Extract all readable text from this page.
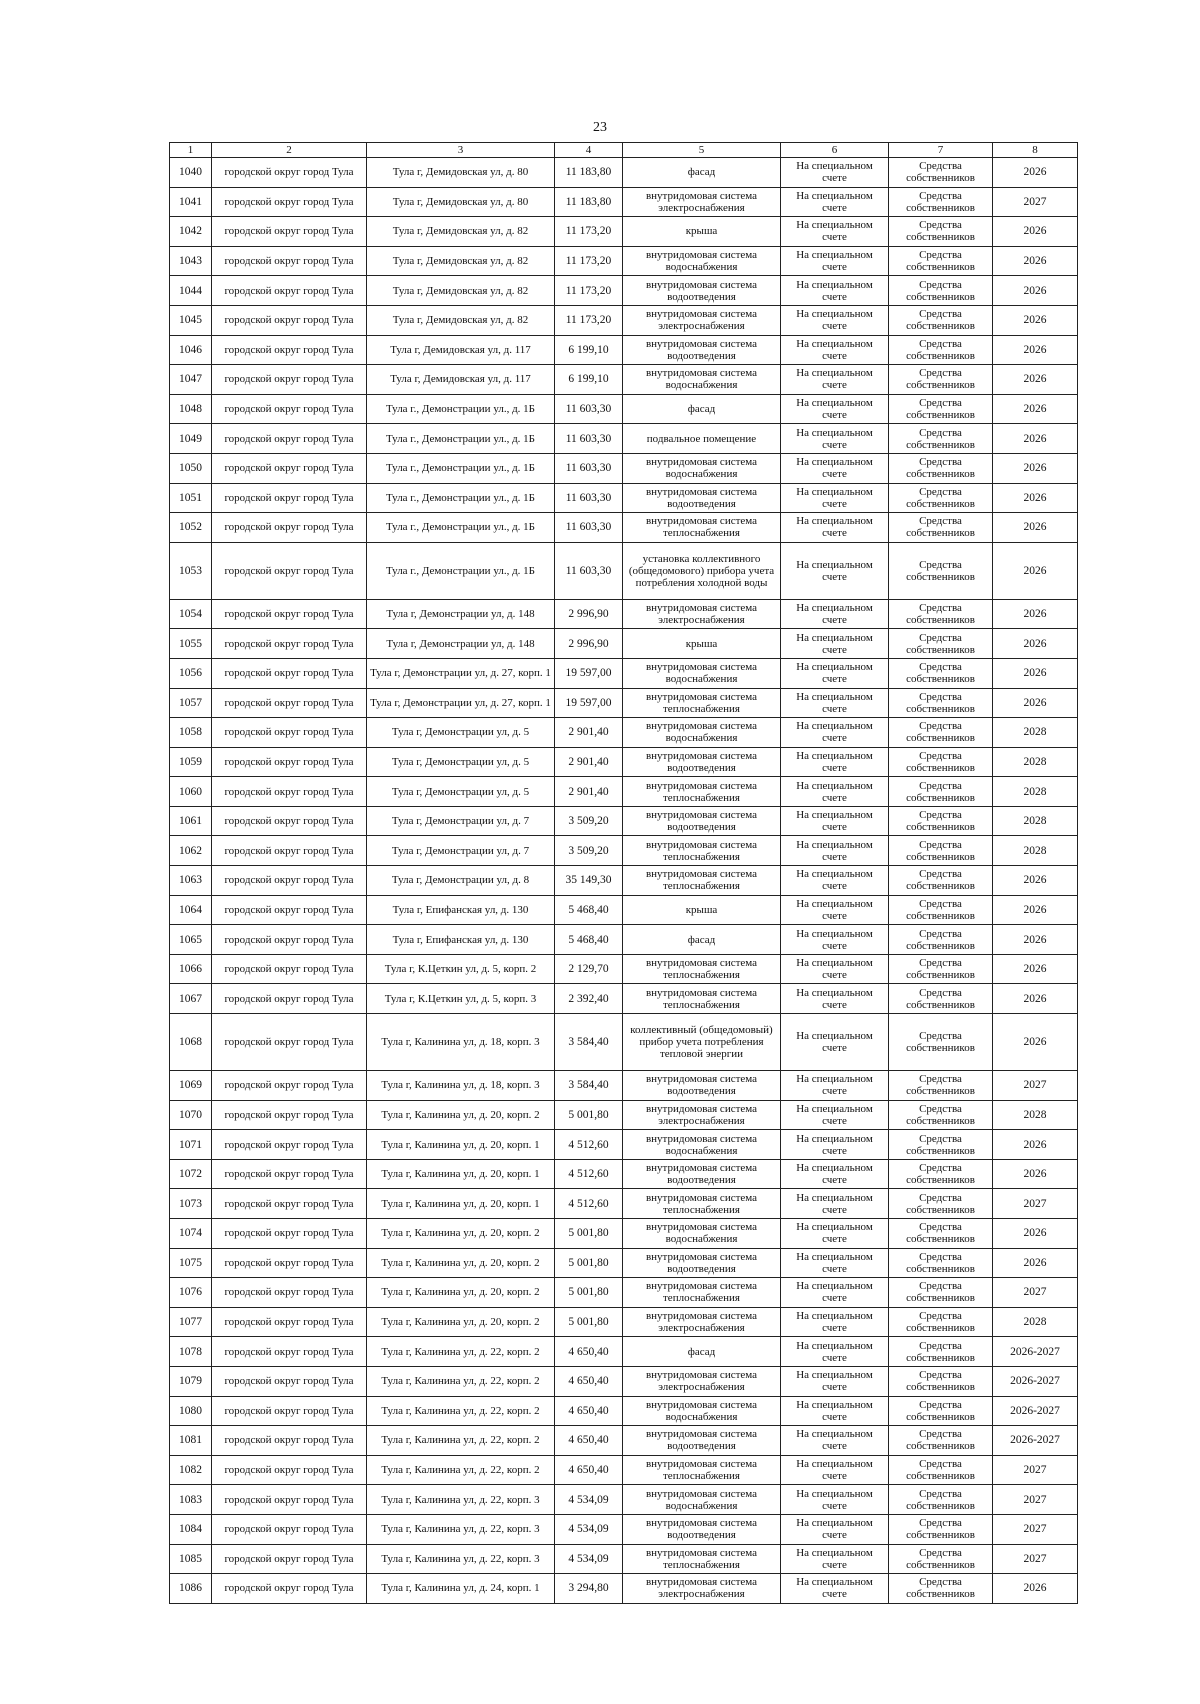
23
1	2	3	4	5	6	7	8
1040	городской округ город Тула	Тула г, Демидовская ул, д. 80	11 183,80	фасад	На специальном счете	Средства собственников	2026
1041	городской округ город Тула	Тула г, Демидовская ул, д. 80	11 183,80	внутридомовая система электроснабжения	На специальном счете	Средства собственников	2027
1042	городской округ город Тула	Тула г, Демидовская ул, д. 82	11 173,20	крыша	На специальном счете	Средства собственников	2026
1043	городской округ город Тула	Тула г, Демидовская ул, д. 82	11 173,20	внутридомовая система водоснабжения	На специальном счете	Средства собственников	2026
1044	городской округ город Тула	Тула г, Демидовская ул, д. 82	11 173,20	внутридомовая система водоотведения	На специальном счете	Средства собственников	2026
1045	городской округ город Тула	Тула г, Демидовская ул, д. 82	11 173,20	внутридомовая система электроснабжения	На специальном счете	Средства собственников	2026
1046	городской округ город Тула	Тула г, Демидовская ул, д. 117	6 199,10	внутридомовая система водоотведения	На специальном счете	Средства собственников	2026
1047	городской округ город Тула	Тула г, Демидовская ул, д. 117	6 199,10	внутридомовая система водоснабжения	На специальном счете	Средства собственников	2026
1048	городской округ город Тула	Тула г., Демонстрации ул., д. 1Б	11 603,30	фасад	На специальном счете	Средства собственников	2026
1049	городской округ город Тула	Тула г., Демонстрации ул., д. 1Б	11 603,30	подвальное помещение	На специальном счете	Средства собственников	2026
1050	городской округ город Тула	Тула г., Демонстрации ул., д. 1Б	11 603,30	внутридомовая система водоснабжения	На специальном счете	Средства собственников	2026
1051	городской округ город Тула	Тула г., Демонстрации ул., д. 1Б	11 603,30	внутридомовая система водоотведения	На специальном счете	Средства собственников	2026
1052	городской округ город Тула	Тула г., Демонстрации ул., д. 1Б	11 603,30	внутридомовая система теплоснабжения	На специальном счете	Средства собственников	2026
1053	городской округ город Тула	Тула г., Демонстрации ул., д. 1Б	11 603,30	установка коллективного (общедомового) прибора учета потребления холодной воды	На специальном счете	Средства собственников	2026
1054	городской округ город Тула	Тула г, Демонстрации ул, д. 148	2 996,90	внутридомовая система электроснабжения	На специальном счете	Средства собственников	2026
1055	городской округ город Тула	Тула г, Демонстрации ул, д. 148	2 996,90	крыша	На специальном счете	Средства собственников	2026
1056	городской округ город Тула	Тула г, Демонстрации ул, д. 27, корп. 1	19 597,00	внутридомовая система водоснабжения	На специальном счете	Средства собственников	2026
1057	городской округ город Тула	Тула г, Демонстрации ул, д. 27, корп. 1	19 597,00	внутридомовая система теплоснабжения	На специальном счете	Средства собственников	2026
1058	городской округ город Тула	Тула г, Демонстрации ул, д. 5	2 901,40	внутридомовая система водоснабжения	На специальном счете	Средства собственников	2028
1059	городской округ город Тула	Тула г, Демонстрации ул, д. 5	2 901,40	внутридомовая система водоотведения	На специальном счете	Средства собственников	2028
1060	городской округ город Тула	Тула г, Демонстрации ул, д. 5	2 901,40	внутридомовая система теплоснабжения	На специальном счете	Средства собственников	2028
1061	городской округ город Тула	Тула г, Демонстрации ул, д. 7	3 509,20	внутридомовая система водоотведения	На специальном счете	Средства собственников	2028
1062	городской округ город Тула	Тула г, Демонстрации ул, д. 7	3 509,20	внутридомовая система теплоснабжения	На специальном счете	Средства собственников	2028
1063	городской округ город Тула	Тула г, Демонстрации ул, д. 8	35 149,30	внутридомовая система теплоснабжения	На специальном счете	Средства собственников	2026
1064	городской округ город Тула	Тула г, Епифанская ул, д. 130	5 468,40	крыша	На специальном счете	Средства собственников	2026
1065	городской округ город Тула	Тула г, Епифанская ул, д. 130	5 468,40	фасад	На специальном счете	Средства собственников	2026
1066	городской округ город Тула	Тула г, К.Цеткин ул, д. 5, корп. 2	2 129,70	внутридомовая система теплоснабжения	На специальном счете	Средства собственников	2026
1067	городской округ город Тула	Тула г, К.Цеткин ул, д. 5, корп. 3	2 392,40	внутридомовая система теплоснабжения	На специальном счете	Средства собственников	2026
1068	городской округ город Тула	Тула г, Калинина ул, д. 18, корп. 3	3 584,40	коллективный (общедомовый) прибор учета потребления тепловой энергии	На специальном счете	Средства собственников	2026
1069	городской округ город Тула	Тула г, Калинина ул, д. 18, корп. 3	3 584,40	внутридомовая система водоотведения	На специальном счете	Средства собственников	2027
1070	городской округ город Тула	Тула г, Калинина ул, д. 20, корп. 2	5 001,80	внутридомовая система электроснабжения	На специальном счете	Средства собственников	2028
1071	городской округ город Тула	Тула г, Калинина ул, д. 20, корп. 1	4 512,60	внутридомовая система водоснабжения	На специальном счете	Средства собственников	2026
1072	городской округ город Тула	Тула г, Калинина ул, д. 20, корп. 1	4 512,60	внутридомовая система водоотведения	На специальном счете	Средства собственников	2026
1073	городской округ город Тула	Тула г, Калинина ул, д. 20, корп. 1	4 512,60	внутридомовая система теплоснабжения	На специальном счете	Средства собственников	2027
1074	городской округ город Тула	Тула г, Калинина ул, д. 20, корп. 2	5 001,80	внутридомовая система водоснабжения	На специальном счете	Средства собственников	2026
1075	городской округ город Тула	Тула г, Калинина ул, д. 20, корп. 2	5 001,80	внутридомовая система водоотведения	На специальном счете	Средства собственников	2026
1076	городской округ город Тула	Тула г, Калинина ул, д. 20, корп. 2	5 001,80	внутридомовая система теплоснабжения	На специальном счете	Средства собственников	2027
1077	городской округ город Тула	Тула г, Калинина ул, д. 20, корп. 2	5 001,80	внутридомовая система электроснабжения	На специальном счете	Средства собственников	2028
1078	городской округ город Тула	Тула г, Калинина ул, д. 22, корп. 2	4 650,40	фасад	На специальном счете	Средства собственников	2026-2027
1079	городской округ город Тула	Тула г, Калинина ул, д. 22, корп. 2	4 650,40	внутридомовая система электроснабжения	На специальном счете	Средства собственников	2026-2027
1080	городской округ город Тула	Тула г, Калинина ул, д. 22, корп. 2	4 650,40	внутридомовая система водоснабжения	На специальном счете	Средства собственников	2026-2027
1081	городской округ город Тула	Тула г, Калинина ул, д. 22, корп. 2	4 650,40	внутридомовая система водоотведения	На специальном счете	Средства собственников	2026-2027
1082	городской округ город Тула	Тула г, Калинина ул, д. 22, корп. 2	4 650,40	внутридомовая система теплоснабжения	На специальном счете	Средства собственников	2027
1083	городской округ город Тула	Тула г, Калинина ул, д. 22, корп. 3	4 534,09	внутридомовая система водоснабжения	На специальном счете	Средства собственников	2027
1084	городской округ город Тула	Тула г, Калинина ул, д. 22, корп. 3	4 534,09	внутридомовая система водоотведения	На специальном счете	Средства собственников	2027
1085	городской округ город Тула	Тула г, Калинина ул, д. 22, корп. 3	4 534,09	внутридомовая система теплоснабжения	На специальном счете	Средства собственников	2027
1086	городской округ город Тула	Тула г, Калинина ул, д. 24, корп. 1	3 294,80	внутридомовая система электроснабжения	На специальном счете	Средства собственников	2026
